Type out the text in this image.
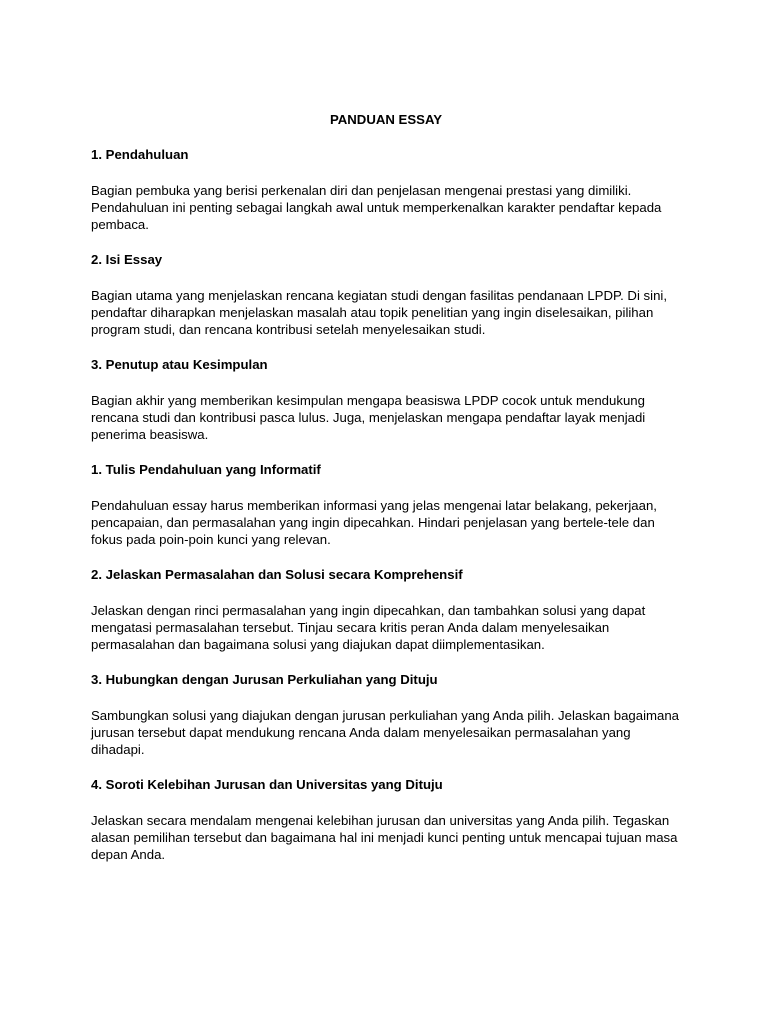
PANDUAN ESSAY
1. Pendahuluan
Bagian pembuka yang berisi perkenalan diri dan penjelasan mengenai prestasi yang dimiliki. Pendahuluan ini penting sebagai langkah awal untuk memperkenalkan karakter pendaftar kepada pembaca.
2. Isi Essay
Bagian utama yang menjelaskan rencana kegiatan studi dengan fasilitas pendanaan LPDP. Di sini, pendaftar diharapkan menjelaskan masalah atau topik penelitian yang ingin diselesaikan, pilihan program studi, dan rencana kontribusi setelah menyelesaikan studi.
3. Penutup atau Kesimpulan
Bagian akhir yang memberikan kesimpulan mengapa beasiswa LPDP cocok untuk mendukung rencana studi dan kontribusi pasca lulus. Juga, menjelaskan mengapa pendaftar layak menjadi penerima beasiswa.
1. Tulis Pendahuluan yang Informatif
Pendahuluan essay harus memberikan informasi yang jelas mengenai latar belakang, pekerjaan, pencapaian, dan permasalahan yang ingin dipecahkan. Hindari penjelasan yang bertele-tele dan fokus pada poin-poin kunci yang relevan.
2. Jelaskan Permasalahan dan Solusi secara Komprehensif
Jelaskan dengan rinci permasalahan yang ingin dipecahkan, dan tambahkan solusi yang dapat mengatasi permasalahan tersebut. Tinjau secara kritis peran Anda dalam menyelesaikan permasalahan dan bagaimana solusi yang diajukan dapat diimplementasikan.
3. Hubungkan dengan Jurusan Perkuliahan yang Dituju
Sambungkan solusi yang diajukan dengan jurusan perkuliahan yang Anda pilih. Jelaskan bagaimana jurusan tersebut dapat mendukung rencana Anda dalam menyelesaikan permasalahan yang dihadapi.
4. Soroti Kelebihan Jurusan dan Universitas yang Dituju
Jelaskan secara mendalam mengenai kelebihan jurusan dan universitas yang Anda pilih. Tegaskan alasan pemilihan tersebut dan bagaimana hal ini menjadi kunci penting untuk mencapai tujuan masa depan Anda.
